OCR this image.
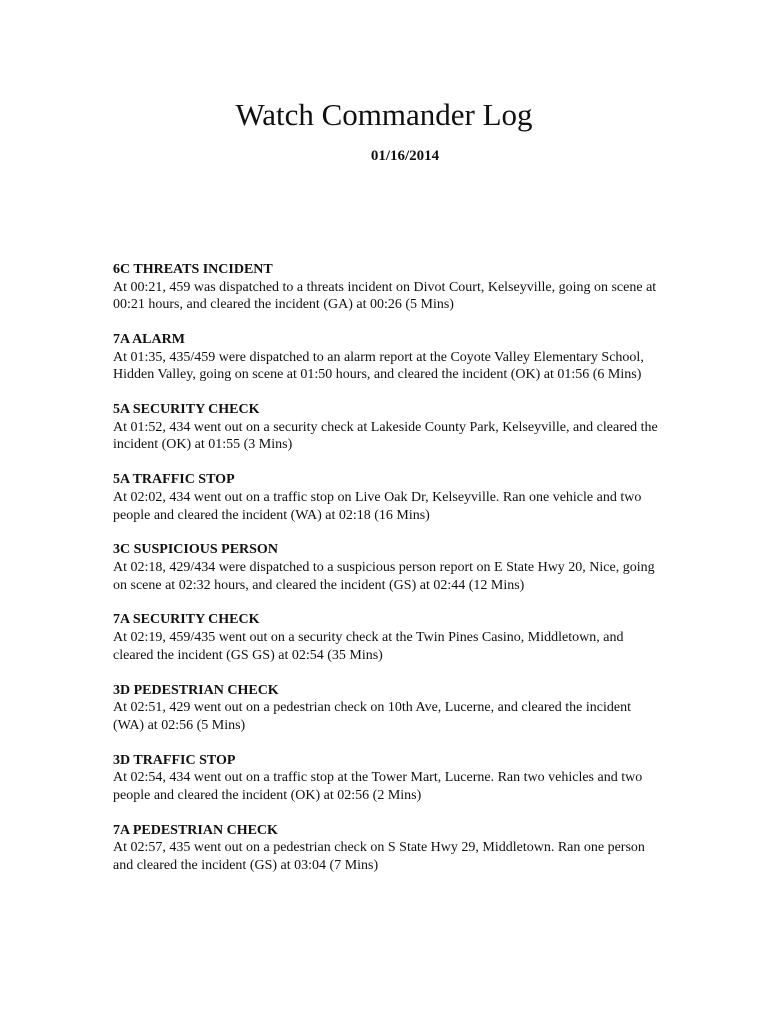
Watch Commander Log
01/16/2014
6C THREATS INCIDENT
At 00:21, 459 was dispatched to a threats incident on Divot Court, Kelseyville, going on scene at 00:21 hours, and cleared the incident (GA) at 00:26 (5 Mins)
7A ALARM
At 01:35, 435/459 were dispatched to an alarm report at the Coyote Valley Elementary School, Hidden Valley, going on scene at 01:50 hours, and cleared the incident (OK) at 01:56 (6 Mins)
5A SECURITY CHECK
At 01:52, 434 went out on a security check at Lakeside County Park, Kelseyville, and cleared the incident (OK) at 01:55 (3 Mins)
5A TRAFFIC STOP
At 02:02, 434 went out on a traffic stop on Live Oak Dr, Kelseyville. Ran one vehicle and two people and cleared the incident (WA) at 02:18 (16 Mins)
3C SUSPICIOUS PERSON
At 02:18, 429/434 were dispatched to a suspicious person report on E State Hwy 20, Nice, going on scene at 02:32 hours, and cleared the incident (GS) at 02:44 (12 Mins)
7A SECURITY CHECK
At 02:19, 459/435 went out on a security check at the Twin Pines Casino, Middletown, and cleared the incident (GS GS) at 02:54 (35 Mins)
3D PEDESTRIAN CHECK
At 02:51, 429 went out on a pedestrian check on 10th Ave, Lucerne, and cleared the incident (WA) at 02:56 (5 Mins)
3D TRAFFIC STOP
At 02:54, 434 went out on a traffic stop at the Tower Mart, Lucerne. Ran two vehicles and two people and cleared the incident (OK) at 02:56 (2 Mins)
7A PEDESTRIAN CHECK
At 02:57, 435 went out on a pedestrian check on S State Hwy 29, Middletown. Ran one person and cleared the incident (GS) at 03:04 (7 Mins)
